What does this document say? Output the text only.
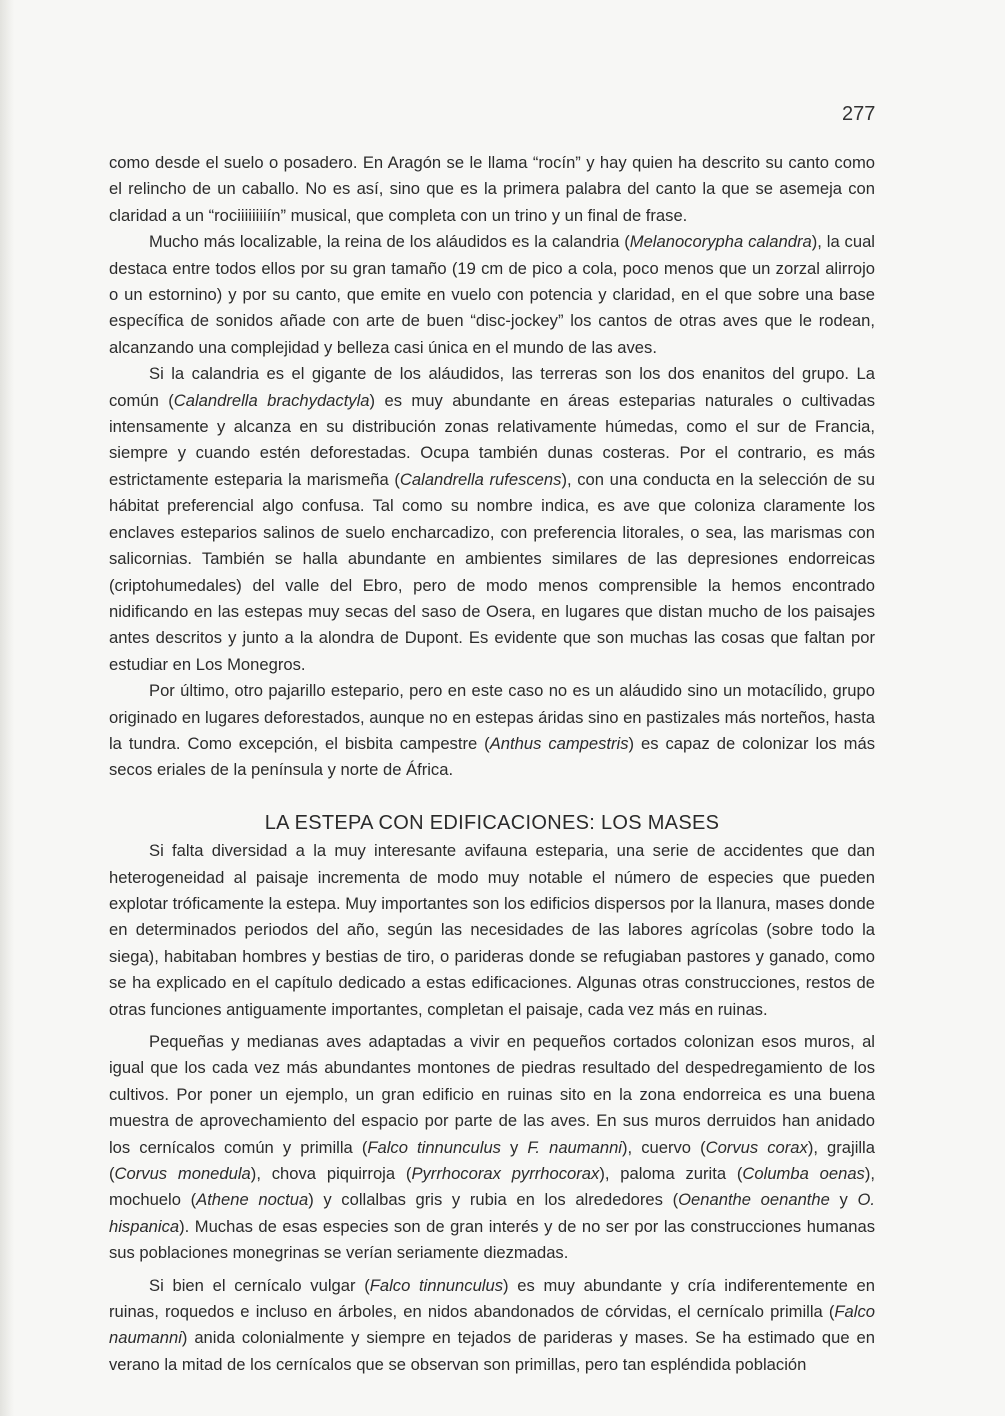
277

como desde el suelo o posadero. En Aragón se le llama “rocín” y hay quien ha descrito su canto como el relincho de un caballo. No es así, sino que es la primera palabra del canto la que se asemeja con claridad a un “rociiiiiiiiín” musical, que completa con un trino y un final de frase.

Mucho más localizable, la reina de los aláudidos es la calandria (Melanocorypha calandra), la cual destaca entre todos ellos por su gran tamaño (19 cm de pico a cola, poco menos que un zorzal alirrojo o un estornino) y por su canto, que emite en vuelo con potencia y claridad, en el que sobre una base específica de sonidos añade con arte de buen “disc-jockey” los cantos de otras aves que le rodean, alcanzando una complejidad y belleza casi única en el mundo de las aves.

Si la calandria es el gigante de los aláudidos, las terreras son los dos enanitos del grupo. La común (Calandrella brachydactyla) es muy abundante en áreas esteparias naturales o cultivadas intensamente y alcanza en su distribución zonas relativamente húmedas, como el sur de Francia, siempre y cuando estén deforestadas. Ocupa también dunas costeras. Por el contrario, es más estrictamente esteparia la marismeña (Calandrella rufescens), con una conducta en la selección de su hábitat preferencial algo confusa. Tal como su nombre indica, es ave que coloniza claramente los enclaves esteparios salinos de suelo encharcadizo, con preferencia litorales, o sea, las marismas con salicornias. También se halla abundante en ambientes similares de las depresiones endorreicas (criptohumedales) del valle del Ebro, pero de modo menos comprensible la hemos encontrado nidificando en las estepas muy secas del saso de Osera, en lugares que distan mucho de los paisajes antes descritos y junto a la alondra de Dupont. Es evidente que son muchas las cosas que faltan por estudiar en Los Monegros.

Por último, otro pajarillo estepario, pero en este caso no es un aláudido sino un motacílido, grupo originado en lugares deforestados, aunque no en estepas áridas sino en pastizales más norteños, hasta la tundra. Como excepción, el bisbita campestre (Anthus campestris) es capaz de colonizar los más secos eriales de la península y norte de África.

LA ESTEPA CON EDIFICACIONES: LOS MASES

Si falta diversidad a la muy interesante avifauna esteparia, una serie de accidentes que dan heterogeneidad al paisaje incrementa de modo muy notable el número de especies que pueden explotar tróficamente la estepa. Muy importantes son los edificios dispersos por la llanura, mases donde en determinados periodos del año, según las necesidades de las labores agrícolas (sobre todo la siega), habitaban hombres y bestias de tiro, o parideras donde se refugiaban pastores y ganado, como se ha explicado en el capítulo dedicado a estas edificaciones. Algunas otras construcciones, restos de otras funciones antiguamente importantes, completan el paisaje, cada vez más en ruinas.

Pequeñas y medianas aves adaptadas a vivir en pequeños cortados colonizan esos muros, al igual que los cada vez más abundantes montones de piedras resultado del despedregamiento de los cultivos. Por poner un ejemplo, un gran edificio en ruinas sito en la zona endorreica es una buena muestra de aprovechamiento del espacio por parte de las aves. En sus muros derruidos han anidado los cernícalos común y primilla (Falco tinnunculus y F. naumanni), cuervo (Corvus corax), grajilla (Corvus monedula), chova piquirroja (Pyrrhocorax pyrrhocorax), paloma zurita (Columba oenas), mochuelo (Athene noctua) y collalbas gris y rubia en los alrededores (Oenanthe oenanthe y O. hispanica). Muchas de esas especies son de gran interés y de no ser por las construcciones humanas sus poblaciones monegrinas se verían seriamente diezmadas.

Si bien el cernícalo vulgar (Falco tinnunculus) es muy abundante y cría indiferentemente en ruinas, roquedos e incluso en árboles, en nidos abandonados de córvidas, el cernícalo primilla (Falco naumanni) anida colonialmente y siempre en tejados de parideras y mases. Se ha estimado que en verano la mitad de los cernícalos que se observan son primillas, pero tan espléndida población
